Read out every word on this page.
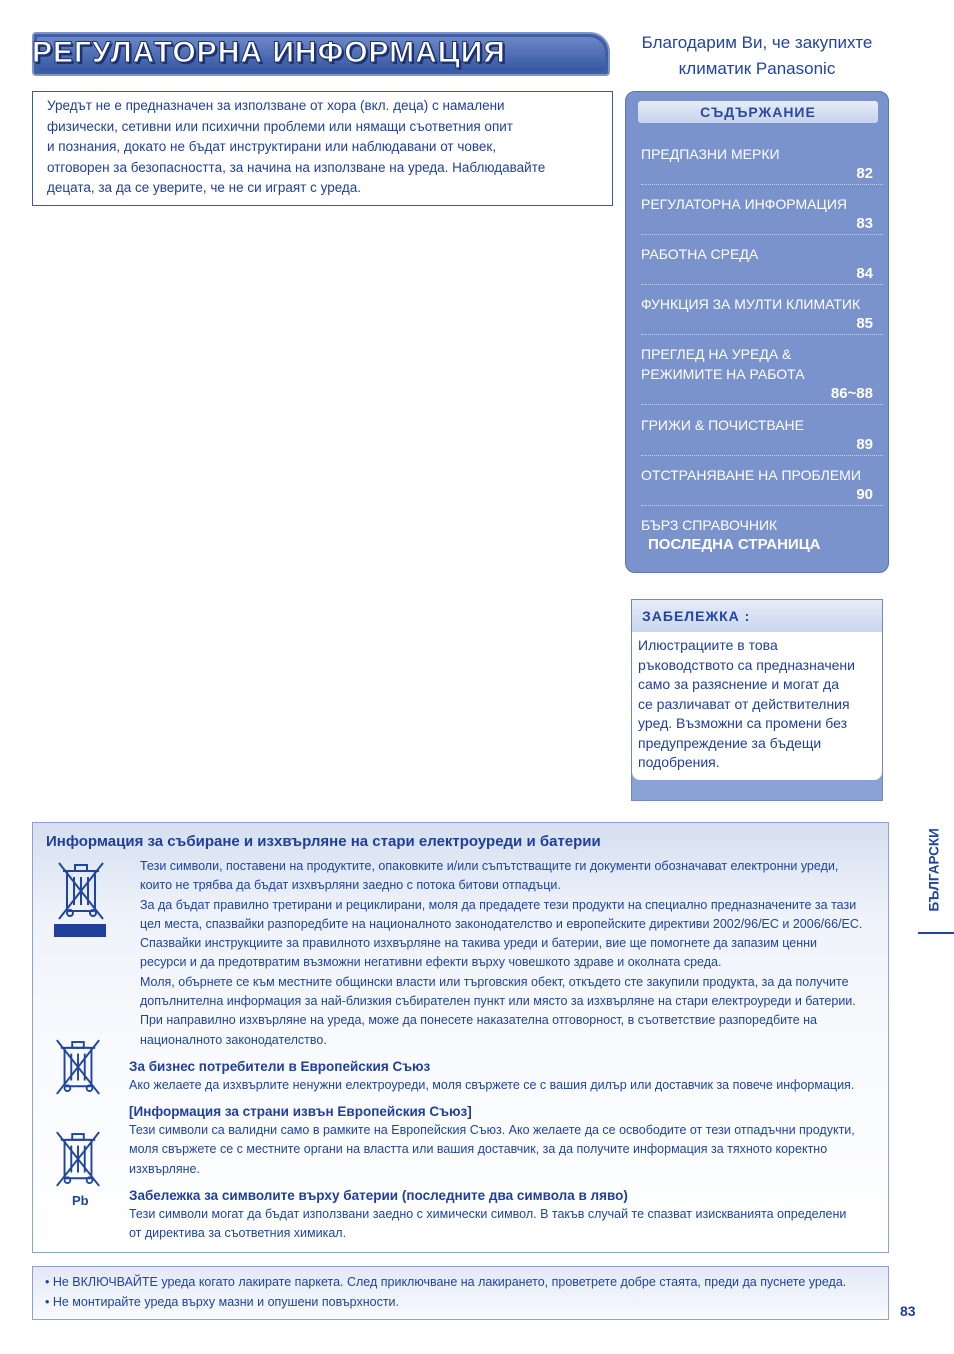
РЕГУЛАТОРНА ИНФОРМАЦИЯ	Благодарим Ви, че закупихте
климатик Panasonic
Уредът не е предназначен за използване от хора (вкл. деца) с намалени
физически, сетивни или психични проблеми или нямащи съответния опит
и познания, докато не бъдат инструктирани или наблюдавани от човек,
отговорен за безопасността, за начина на използване на уреда. Наблюдавайте
децата, за да се уверите, че не си играят с уреда.
СЪДЪРЖАНИЕ
ПРЕДПАЗНИ МЕРКИ
82
РЕГУЛАТОРНА ИНФОРМАЦИЯ
83
РАБОТНА СРЕДА
84
ФУНКЦИЯ ЗА МУЛТИ КЛИМАТИК
85
ПРЕГЛЕД НА УРЕДА &
РЕЖИМИТЕ НА РАБОТА
86~88
ГРИЖИ & ПОЧИСТВАНЕ
89
ОТСТРАНЯВАНЕ НА ПРОБЛЕМИ
90
БЪРЗ СПРАВОЧНИК
ПОСЛЕДНА СТРАНИЦА
ЗАБЕЛЕЖКА :
Илюстрациите в това
ръководството са предназначени
само за разяснение и могат да
се различават от действителния
уред. Възможни са промени без
предупреждение за бъдещи
подобрения.
Информация за събиране и изхвърляне на стари електроуреди и батерии
Тези символи, поставени на продуктите, опаковките и/или съпътстващите ги документи обозначават електронни уреди,
които не трябва да бъдат изхвърляни заедно с потока битови отпадъци.
За да бъдат правилно третирани и рециклирани, моля да предадете тези продукти на специално предназначените за тази
цел места, спазвайки разпоредбите на националното законодателство и европейските директиви 2002/96/EC и 2006/66/EC.
Спазвайки инструкциите за правилното изхвърляне на такива уреди и батерии, вие ще помогнете да запазим ценни
ресурси и да предотвратим възможни негативни ефекти върху човешкото здраве и околната среда.
Моля, обърнете се към местните общински власти или търговския обект, откъдето сте закупили продукта, за да получите
допълнителна информация за най-близкия събирателен пункт или място за изхвърляне на стари електроуреди и батерии.
При направилно изхвърляне на уреда, може да понесете наказателна отговорност, в съответствие разпоредбите на
националното законодателство.
За бизнес потребители в Европейския Съюз
Ако желаете да изхвърлите ненужни електроуреди, моля свържете се с вашия дилър или доставчик за повече информация.
[Информация за страни извън Европейския Съюз]
Тези символи са валидни само в рамките на Европейския Съюз. Ако желаете да се освободите от тези отпадъчни продукти,
моля свържете се с местните органи на властта или вашия доставчик, за да получите информация за тяхното коректно
изхвърляне.
Pb	Забележка за символите върху батерии (последните два символа в ляво)
Тези символи могат да бъдат използвани заедно с химически символ. В такъв случай те спазват изискванията определени
от директива за съответния химикал.
БЪЛГАРСКИ
• Не ВКЛЮЧВАЙТЕ уреда когато лакирате паркета. След приключване на лакирането, проветрете добре стаята, преди да пуснете уреда.
• Не монтирайте уреда върху мазни и опушени повърхности.
83
